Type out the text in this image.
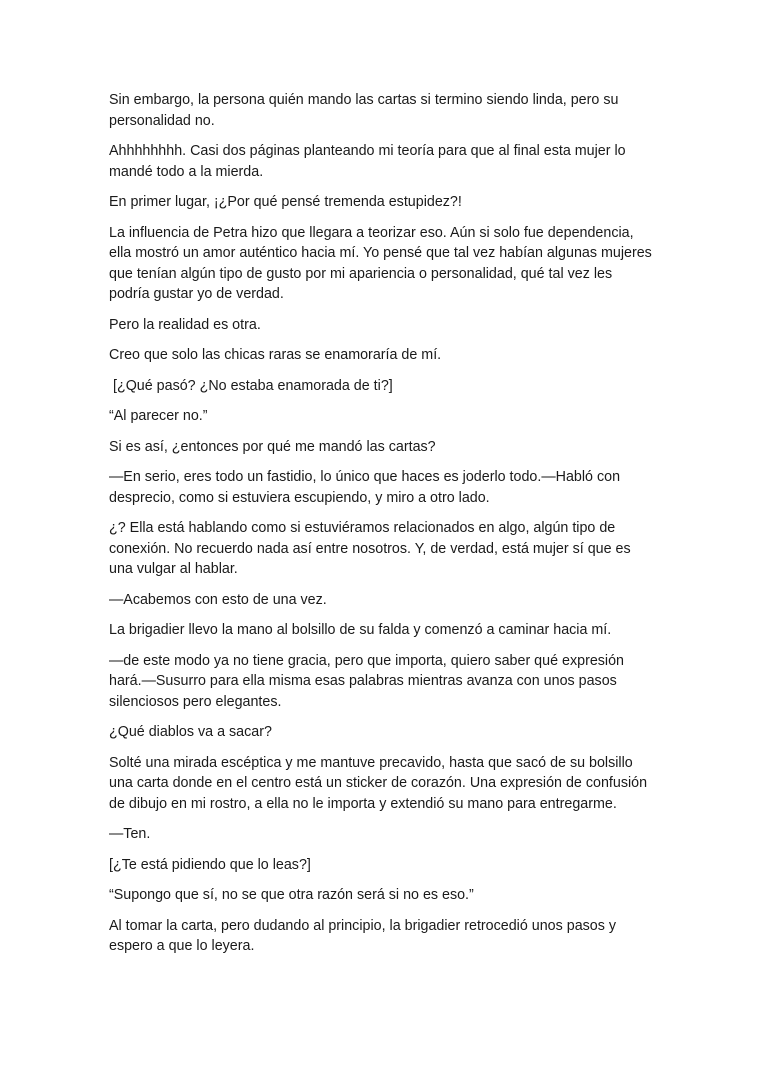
Sin embargo, la persona quién mando las cartas si termino siendo linda, pero su personalidad no.

Ahhhhhhhh. Casi dos páginas planteando mi teoría para que al final esta mujer lo mandé todo a la mierda.

En primer lugar, ¡¿Por qué pensé tremenda estupidez?!

La influencia de Petra hizo que llegara a teorizar eso. Aún si solo fue dependencia, ella mostró un amor auténtico hacia mí. Yo pensé que tal vez habían algunas mujeres que tenían algún tipo de gusto por mi apariencia o personalidad, qué tal vez les podría gustar yo de verdad.

Pero la realidad es otra.

Creo que solo las chicas raras se enamoraría de mí.

[¿Qué pasó? ¿No estaba enamorada de ti?]

“Al parecer no.”

Si es así, ¿entonces por qué me mandó las cartas?

—En serio, eres todo un fastidio, lo único que haces es joderlo todo.—Habló con desprecio, como si estuviera escupiendo, y miro a otro lado.

¿? Ella está hablando como si estuviéramos relacionados en algo, algún tipo de conexión. No recuerdo nada así entre nosotros. Y, de verdad, está mujer sí que es una vulgar al hablar.

—Acabemos con esto de una vez.

La brigadier llevo la mano al bolsillo de su falda y comenzó a caminar hacia mí.

—de este modo ya no tiene gracia, pero que importa, quiero saber qué expresión hará.—Susurro para ella misma esas palabras mientras avanza con unos pasos silenciosos pero elegantes.

¿Qué diablos va a sacar?

Solté una mirada escéptica y me mantuve precavido, hasta que sacó de su bolsillo una carta donde en el centro está un sticker de corazón. Una expresión de confusión de dibujo en mi rostro, a ella no le importa y extendió su mano para entregarme.

—Ten.

[¿Te está pidiendo que lo leas?]

“Supongo que sí, no se que otra razón será si no es eso.”

Al tomar la carta, pero dudando al principio, la brigadier retrocedió unos pasos y espero a que lo leyera.
